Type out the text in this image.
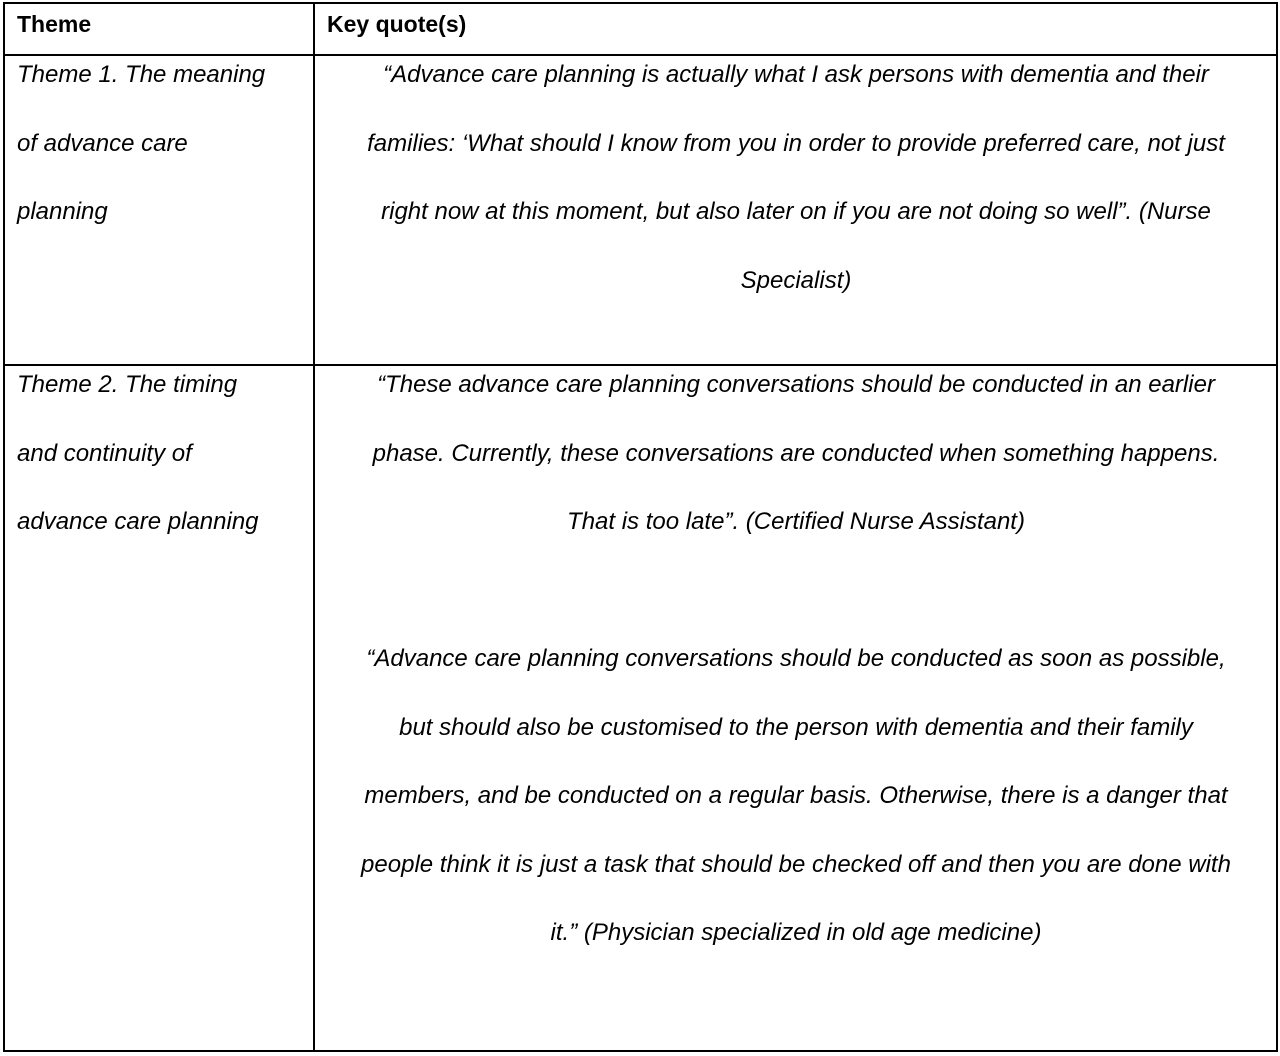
Theme	Key quote(s)
Theme 1. The meaning
of advance care
planning
“Advance care planning is actually what I ask persons with dementia and their
families: ‘What should I know from you in order to provide preferred care, not just
right now at this moment, but also later on if you are not doing so well”. (Nurse
Specialist)
Theme 2. The timing
and continuity of
advance care planning
“These advance care planning conversations should be conducted in an earlier
phase. Currently, these conversations are conducted when something happens.
That is too late”. (Certified Nurse Assistant)
“Advance care planning conversations should be conducted as soon as possible,
but should also be customised to the person with dementia and their family
members, and be conducted on a regular basis. Otherwise, there is a danger that
people think it is just a task that should be checked off and then you are done with
it.” (Physician specialized in old age medicine)
